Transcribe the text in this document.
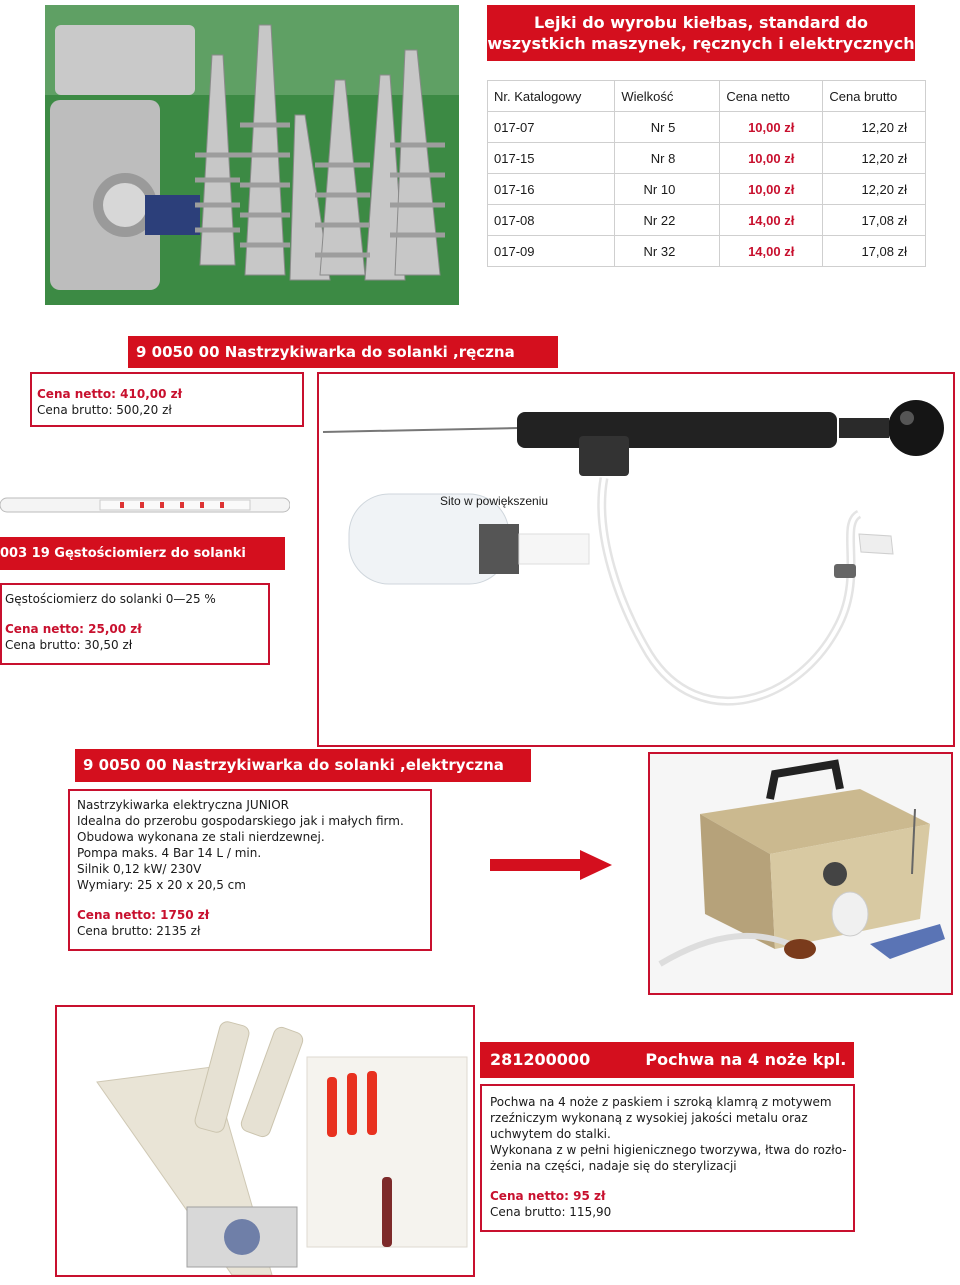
Lejki do wyrobu kiełbas, standard do wszystkich maszynek, ręcznych i elektrycznych
Nr. Katalogowy	Wielkość	Cena netto	Cena brutto
017-07	Nr 5	10,00 zł	12,20 zł
017-15	Nr 8	10,00 zł	12,20 zł
017-16	Nr 10	10,00 zł	12,20 zł
017-08	Nr 22	14,00 zł	17,08 zł
017-09	Nr 32	14,00 zł	17,08 zł
9 0050 00 Nastrzykiwarka do solanki ,ręczna
Cena netto: 410,00 zł
Cena brutto: 500,20 zł
Sito w powiększeniu
003 19 Gęstościomierz do solanki
Gęstościomierz do solanki 0—25 %
Cena netto: 25,00 zł
Cena brutto: 30,50 zł
9 0050 00 Nastrzykiwarka do solanki ,elektryczna
Nastrzykiwarka elektryczna JUNIOR
Idealna do przerobu gospodarskiego jak i małych firm.
Obudowa wykonana ze stali nierdzewnej.
Pompa maks. 4 Bar 14 L / min.
Silnik 0,12 kW/ 230V
Wymiary: 25 x 20 x 20,5 cm
Cena netto: 1750 zł
Cena brutto: 2135 zł
281200000	Pochwa na 4 noże kpl.
Pochwa na 4 noże z paskiem i szroką klamrą z motywem
rzeźniczym wykonaną z wysokiej jakości metalu oraz
uchwytem do stalki.
Wykonana z w pełni higienicznego tworzywa, łtwa do rozło-
żenia na części, nadaje się do sterylizacji
Cena netto: 95 zł
Cena brutto: 115,90
